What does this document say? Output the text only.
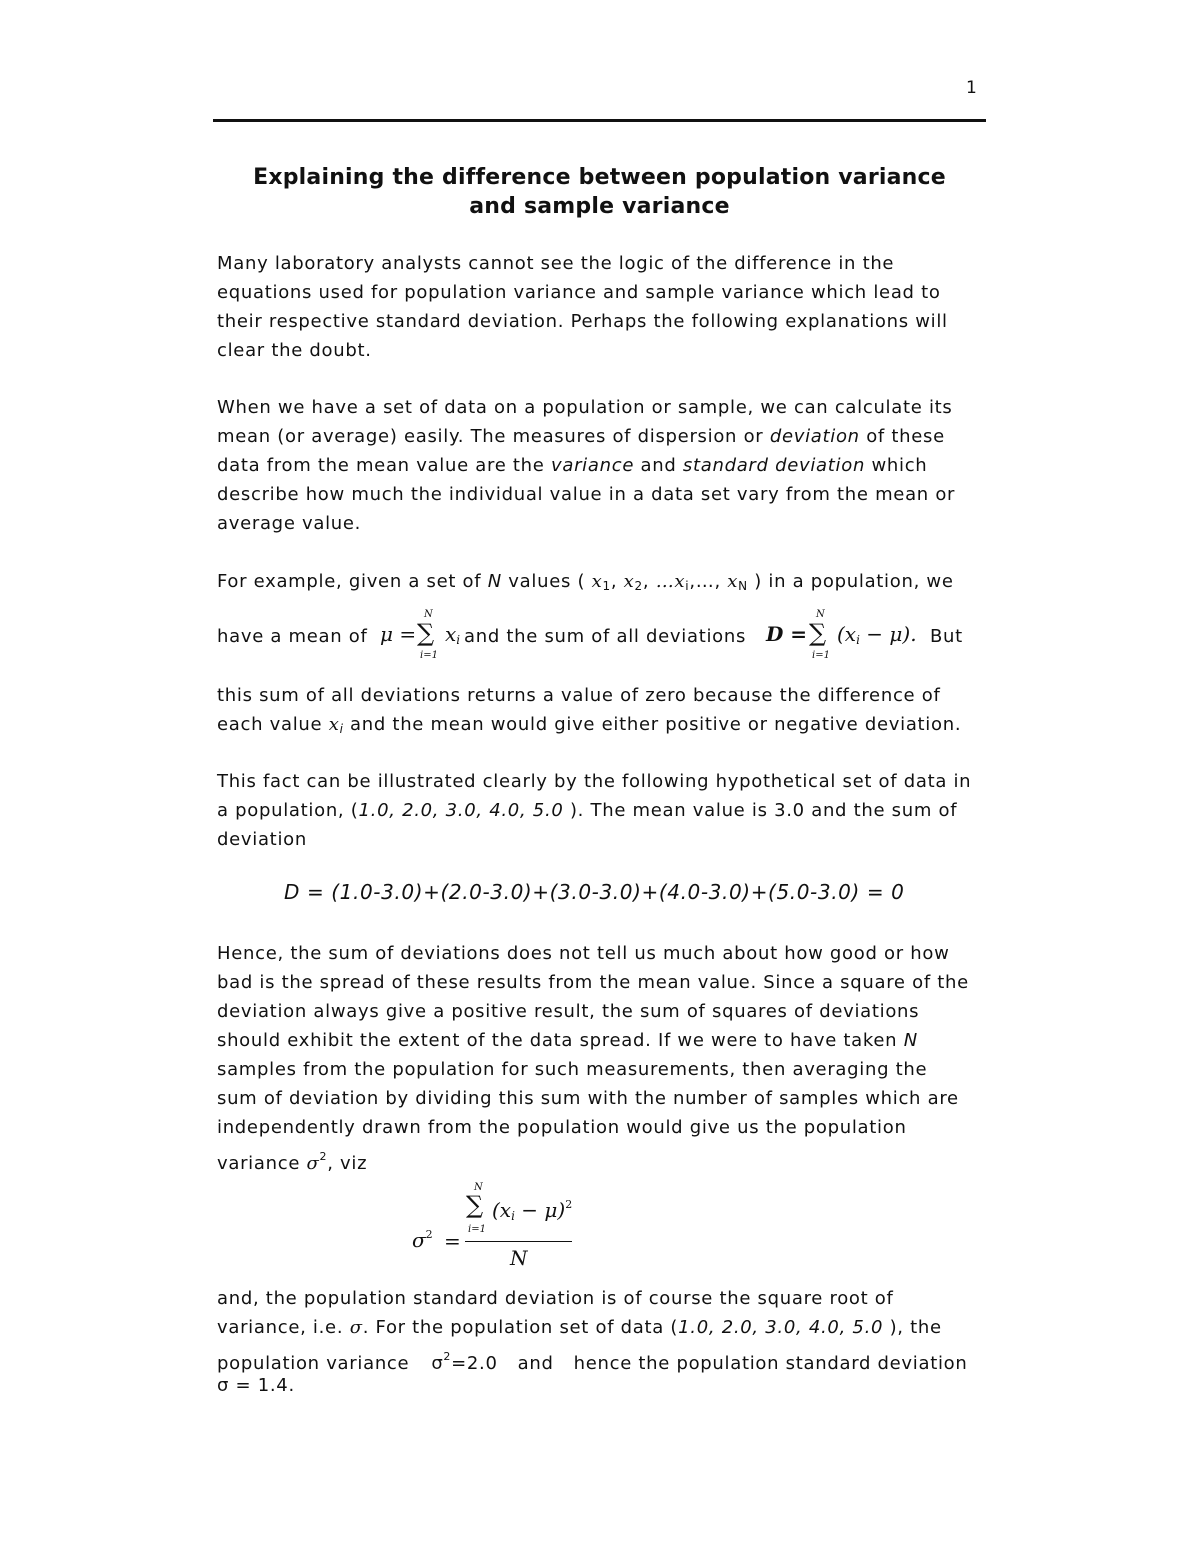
1
Explaining the difference between population variance
and sample variance
Many laboratory analysts cannot see the logic of the difference in the
equations used for population variance and sample variance which lead to
their respective standard deviation. Perhaps the following explanations will
clear the doubt.
When we have a set of data on a population or sample, we can calculate its
mean (or average) easily. The measures of dispersion or deviation of these
data from the mean value are the variance and standard deviation which
describe how much the individual value in a data set vary from the mean or
average value.
For example, given a set of N values ( $x_1$, $x_2$, $\dots x_i,\dots$, $x_N$ ) in a population, we
have a mean of μ =
N
∑
i=1
$x_i$ and the sum of all deviations D =
N
∑
i=1
$(x_i - \mu)$. But
this sum of all deviations returns a value of zero because the difference of
each value $x_i$ and the mean would give either positive or negative deviation.
This fact can be illustrated clearly by the following hypothetical set of data in
a population, (1.0, 2.0, 3.0, 4.0, 5.0 ). The mean value is 3.0 and the sum of
deviation
D = (1.0-3.0)+(2.0-3.0)+(3.0-3.0)+(4.0-3.0)+(5.0-3.0) = 0
Hence, the sum of deviations does not tell us much about how good or how
bad is the spread of these results from the mean value. Since a square of the
deviation always give a positive result, the sum of squares of deviations
should exhibit the extent of the data spread. If we were to have taken N
samples from the population for such measurements, then averaging the
sum of deviation by dividing this sum with the number of samples which are
independently drawn from the population would give us the population
variance $\sigma^2$, viz
$\sigma^2$ =
N
∑
i=1
$(x_i - \mu)^2$
N
and, the population standard deviation is of course the square root of
variance, i.e. σ. For the population set of data (1.0, 2.0, 3.0, 4.0, 5.0 ), the
population variance $\sigma^2=2.0$ and hence the population standard deviation
σ = 1.4.
